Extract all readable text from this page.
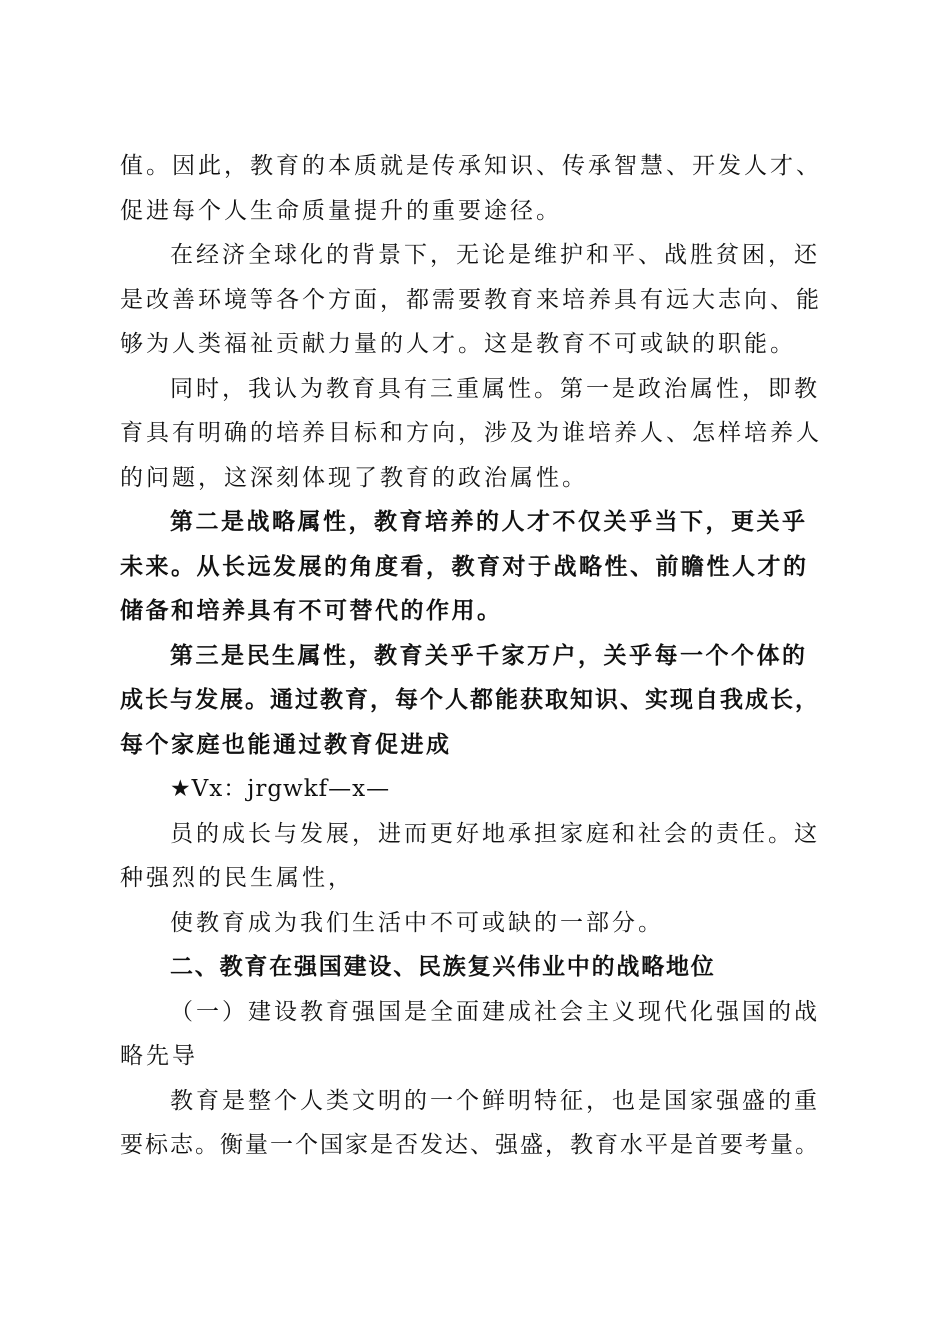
值。因此，教育的本质就是传承知识、传承智慧、开发人才、
促进每个人生命质量提升的重要途径。
在经济全球化的背景下，无论是维护和平、战胜贫困，还
是改善环境等各个方面，都需要教育来培养具有远大志向、能
够为人类福祉贡献力量的人才。这是教育不可或缺的职能。
同时，我认为教育具有三重属性。第一是政治属性，即教
育具有明确的培养目标和方向，涉及为谁培养人、怎样培养人
的问题，这深刻体现了教育的政治属性。
第二是战略属性，教育培养的人才不仅关乎当下，更关乎
未来。从长远发展的角度看，教育对于战略性、前瞻性人才的
储备和培养具有不可替代的作用。
第三是民生属性，教育关乎千家万户，关乎每一个个体的
成长与发展。通过教育，每个人都能获取知识、实现自我成长，
每个家庭也能通过教育促进成
★Vx：jrgwkf—x—
员的成长与发展，进而更好地承担家庭和社会的责任。这
种强烈的民生属性，
使教育成为我们生活中不可或缺的一部分。
二、教育在强国建设、民族复兴伟业中的战略地位
（一）建设教育强国是全面建成社会主义现代化强国的战
略先导
教育是整个人类文明的一个鲜明特征，也是国家强盛的重
要标志。衡量一个国家是否发达、强盛，教育水平是首要考量。
